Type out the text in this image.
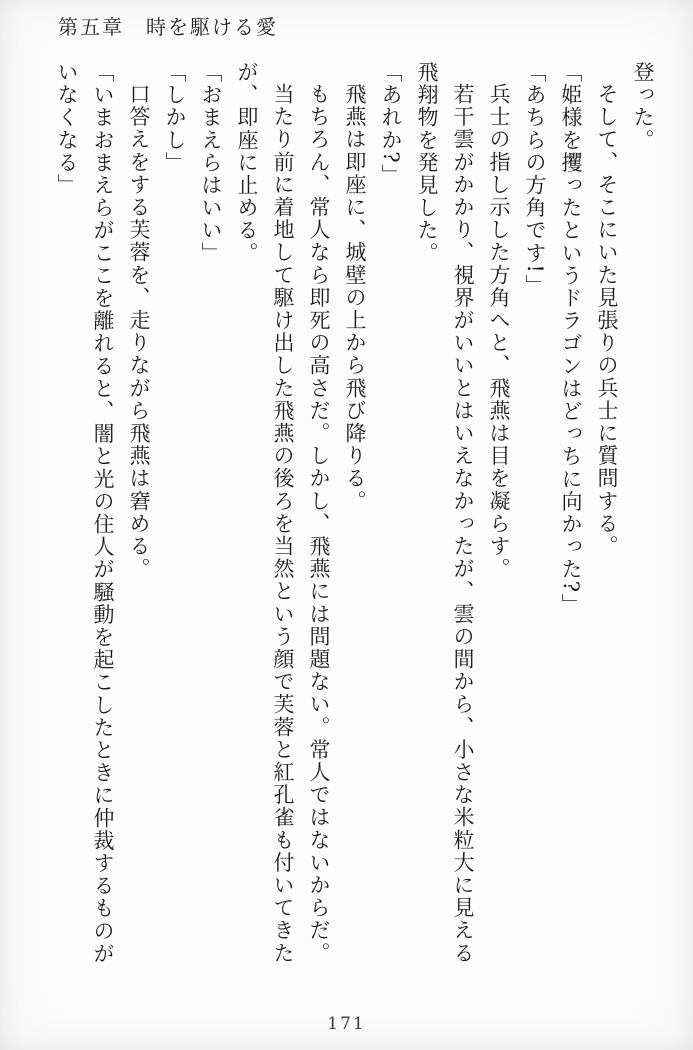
第五章　時を駆ける愛

登った。

そして、そこにいた見張りの兵士に質問する。

「姫様を攫ったというドラゴンはどっちに向かった?」

「あちらの方角です!」

兵士の指し示した方角へと、飛燕は目を凝らす。

若干雲がかかり、視界がいいとはいえなかったが、雲の間から、小さな米粒大に見える

飛翔物を発見した。

「あれか?」

飛燕は即座に、城壁の上から飛び降りる。

もちろん、常人なら即死の高さだ。しかし、飛燕には問題ない。常人ではないからだ。

当たり前に着地して駆け出した飛燕の後ろを当然という顔で芙蓉と紅孔雀も付いてきた

が、即座に止める。

「おまえらはいい」

「しかし」

口答えをする芙蓉を、走りながら飛燕は窘める。

「いまおまえらがここを離れると、闇と光の住人が騒動を起こしたときに仲裁するものが

いなくなる」

171
